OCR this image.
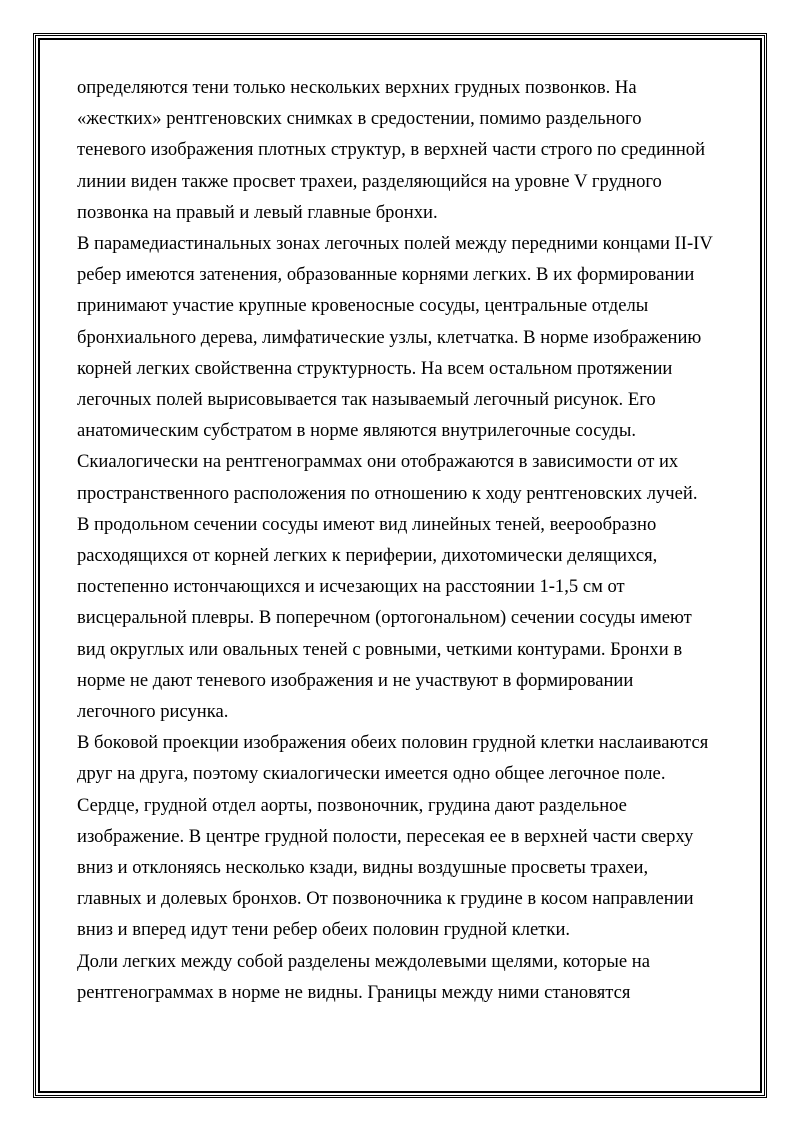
определяются тени только нескольких верхних грудных позвонков. На
«жестких» рентгеновских снимках в средостении, помимо раздельного
теневого изображения плотных структур, в верхней части строго по срединной
линии виден также просвет трахеи, разделяющийся на уровне V грудного
позвонка на правый и левый главные бронхи.
В парамедиастинальных зонах легочных полей между передними концами II-IV
ребер имеются затенения, образованные корнями легких. В их формировании
принимают участие крупные кровеносные сосуды, центральные отделы
бронхиального дерева, лимфатические узлы, клетчатка. В норме изображению
корней легких свойственна структурность. На всем остальном протяжении
легочных полей вырисовывается так называемый легочный рисунок. Его
анатомическим субстратом в норме являются внутрилегочные сосуды.
Скиалогически на рентгенограммах они отображаются в зависимости от их
пространственного расположения по отношению к ходу рентгеновских лучей.
В продольном сечении сосуды имеют вид линейных теней, веерообразно
расходящихся от корней легких к периферии, дихотомически делящихся,
постепенно истончающихся и исчезающих на расстоянии 1-1,5 см от
висцеральной плевры. В поперечном (ортогональном) сечении сосуды имеют
вид округлых или овальных теней с ровными, четкими контурами. Бронхи в
норме не дают теневого изображения и не участвуют в формировании
легочного рисунка.
В боковой проекции изображения обеих половин грудной клетки наслаиваются
друг на друга, поэтому скиалогически имеется одно общее легочное поле.
Сердце, грудной отдел аорты, позвоночник, грудина дают раздельное
изображение. В центре грудной полости, пересекая ее в верхней части сверху
вниз и отклоняясь несколько кзади, видны воздушные просветы трахеи,
главных и долевых бронхов. От позвоночника к грудине в косом направлении
вниз и вперед идут тени ребер обеих половин грудной клетки.
Доли легких между собой разделены междолевыми щелями, которые на
рентгенограммах в норме не видны. Границы между ними становятся
